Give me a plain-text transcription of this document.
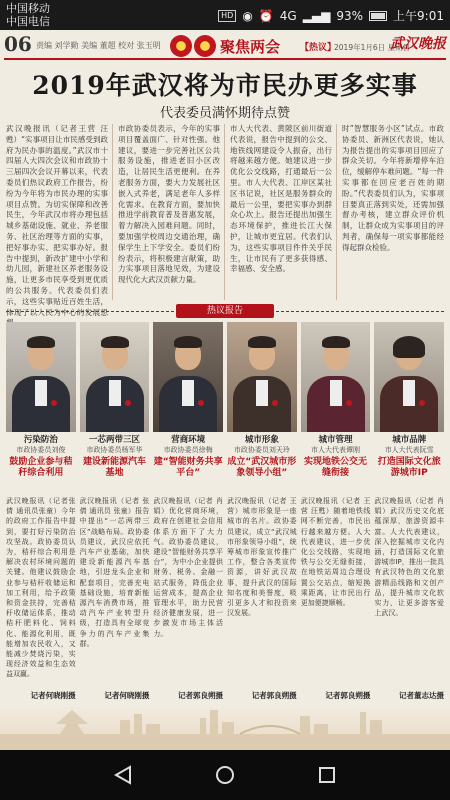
中国移动
中国电信	HD ◉ ⏰ 4G ▂▄▆ 93%	上午9:01
06 责编 刘学勤 美编 董超 校对 张玉明	聚焦两会 【热议】
2019年1月6日 星期日
武汉晚报
2019年武汉将为市民办更多实事
代表委员满怀期待点赞
武汉晚报讯（记者王营 汪甦）“实事项目让市民感受到政府为民办事的温度。”武汉市十四届人大四次会议和市政协十三届四次会议开幕以来，代表委员们热议政府工作报告，纷纷为今年将为市民办理的实事项目点赞。为切实保障和改善民生，今年武汉市将办理包括城乡基础设施、就业、养老服务、社区治理等方面的实事，把好事办实、把实事办好。报告中提到，新改扩建中小学和幼儿园，新建社区养老服务设施，让更多市民享受到更优质的公共服务。代表委员们表示，这些实事贴近百姓生活，体现了以人民为中心的发展思
市政协委员表示，今年的实事项目覆盖面广、针对性强。他建议，要进一步完善社区公共服务设施，推进老旧小区改造，让居民生活更便利。在养老服务方面，要大力发展社区嵌入式养老，满足老年人多样化需求。在教育方面，要加快推进学前教育普及普惠发展，着力解决入园难问题。同时，要加强学校周边交通治理，确保学生上下学安全。委员们纷纷表示，将积极建言献策，助力实事项目落地见效，为建设现代化大武汉贡献力量。
市人大代表、黄陂区前川街道代表说，报告中提到的公交、地铁线网建设令人振奋，出行将越来越方便。她建议进一步优化公交线路，打通最后一公里。市人大代表、江岸区某社区书记说，社区是服务群众的最后一公里，要把实事办到群众心坎上。报告还提出加强生态环境保护，推进长江大保护，让城市更宜居。代表们认为，这些实事项目件件关乎民生，让市民有了更多获得感、幸福感、安全感。
时”智慧服务小区”试点。市政协委员、新洲区代表说，她认为报告提出的实事项目回应了群众关切。今年将新增停车泊位，缓解停车难问题。“每一件实事都在回应老百姓的期盼。”代表委员们认为，实事项目要真正落到实处，还需加强督办考核，建立群众评价机制，让群众成为实事项目的评判者，确保每一项实事都能经得起群众检验。
热议报告
污染防治
市政协委员刘俊
鼓励企业参与秸秆综合利用
一芯两带三区
市政协委员杨军华
建设新能源汽车基地
营商环境
市政协委员徐梅
建“智能财务共享平台”
城市形象
市政协委员刘天玲
成立“武汉城市形象领导小组”
城市管理
市人大代表谭刚
实现地铁公交无缝衔接
城市品牌
市人大代表阮雪
打造国际文化旅游城市IP
武汉晚报讯（记者张倩 通讯员张童）今年的政府工作报告中提到，要打好污染防治攻坚战。政协委员认为，秸秆综合利用是解决农村环境问题的关键。他建议鼓励企业参与秸秆收储运和加工利用，给予政策和资金扶持，完善秸秆收储运体系，推动秸秆肥料化、饲料化、能源化利用，既能增加农民收入，又能减少焚烧污染，实现经济效益和生态效益双赢。
记者何晓刚摄
武汉晚报讯（记者 张倩 通讯员 张童）报告中提出“一芯两带三区”战略布局。政协委员建议，武汉应依托汽车产业基础，加快建设新能源汽车基地，引进龙头企业和配套项目，完善充电基础设施，培育新能源汽车消费市场，推动汽车产业转型升级，打造具有全球竞争力的汽车产业集群。
记者何晓刚摄
武汉晚报讯（记者 肖娟）优化营商环境，政府在创建社会信用体系方面下了大力气。政协委员建议，建设“智能财务共享平台”，为中小企业提供财务、税务、金融一站式服务，降低企业运营成本，提高企业管理水平，助力民营经济健康发展，进一步激发市场主体活力。
记者郭良朔摄
武汉晚报讯（记者 王营）城市形象是一座城市的名片。政协委员建议，成立“武汉城市形象领导小组”，统筹城市形象宣传推广工作，整合各类宣传资源，讲好武汉故事，提升武汉的国际知名度和美誉度，吸引更多人才和投资来汉发展。
记者郭良朔摄
武汉晚报讯（记者 王营 汪甦）随着地铁线网不断完善，市民出行越来越方便。人大代表建议，进一步优化公交线路，实现地铁与公交无缝衔接，在地铁站周边合理设置公交站点，缩短换乘距离，让市民出行更加便捷顺畅。
记者郭良朔摄
武汉晚报讯（记者 肖娟）武汉历史文化底蕴深厚，旅游资源丰富。人大代表建议，深入挖掘城市文化内涵，打造国际文化旅游城市IP，推出一批具有武汉特色的文化旅游精品线路和文创产品，提升城市文化软实力，让更多游客爱上武汉。
记者董志达摄
